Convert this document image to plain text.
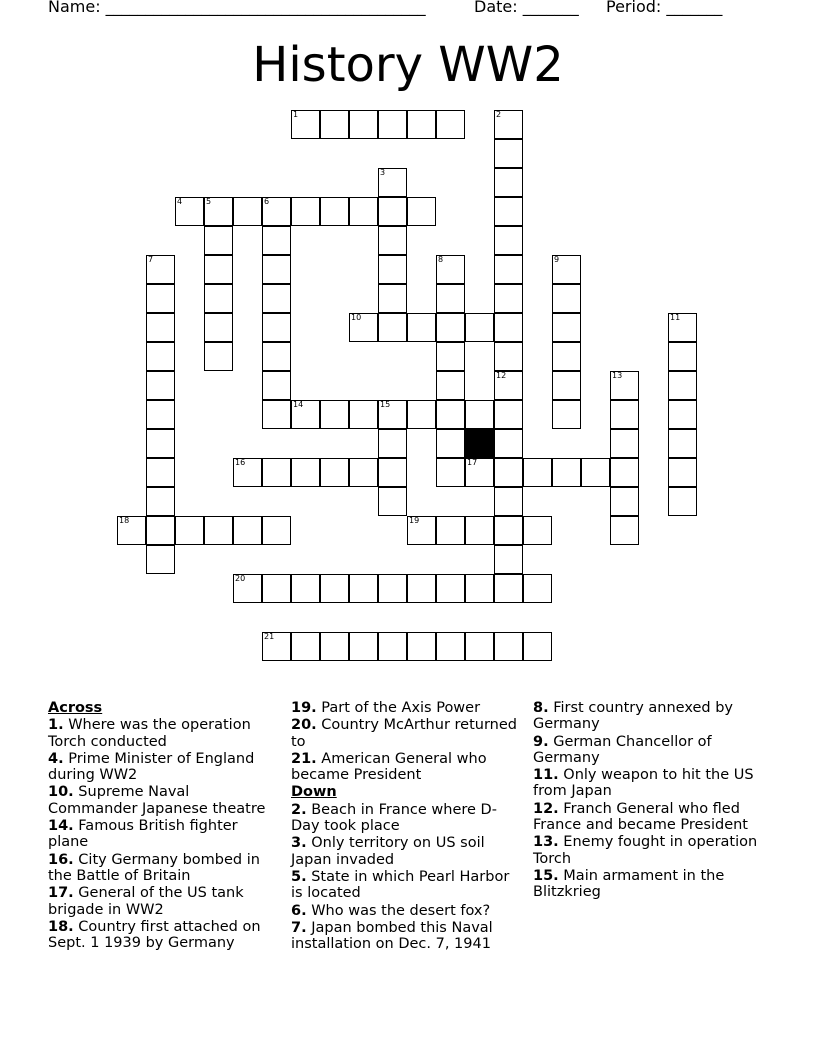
Name: ________________________________________	Date: _______ Period: _______
History WW2
1	2
12
3
4	5	6
7	8	9
10	11
13
14	15
16	17
18	19
20
21
Across
1. Where was the operation Torch conducted
4. Prime Minister of England during WW2
10. Supreme Naval Commander Japanese theatre
14. Famous British fighter plane
16. City Germany bombed in the Battle of Britain
17. General of the US tank brigade in WW2
18. Country first attached on Sept. 1 1939 by Germany
19. Part of the Axis Power
20. Country McArthur returned to
21. American General who became President
Down
2. Beach in France where D-Day took place
3. Only territory on US soil Japan invaded
5. State in which Pearl Harbor is located
6. Who was the desert fox?
7. Japan bombed this Naval installation on Dec. 7, 1941
8. First country annexed by Germany
9. German Chancellor of Germany
11. Only weapon to hit the US from Japan
12. Franch General who fled France and became President
13. Enemy fought in operation Torch
15. Main armament in the Blitzkrieg
